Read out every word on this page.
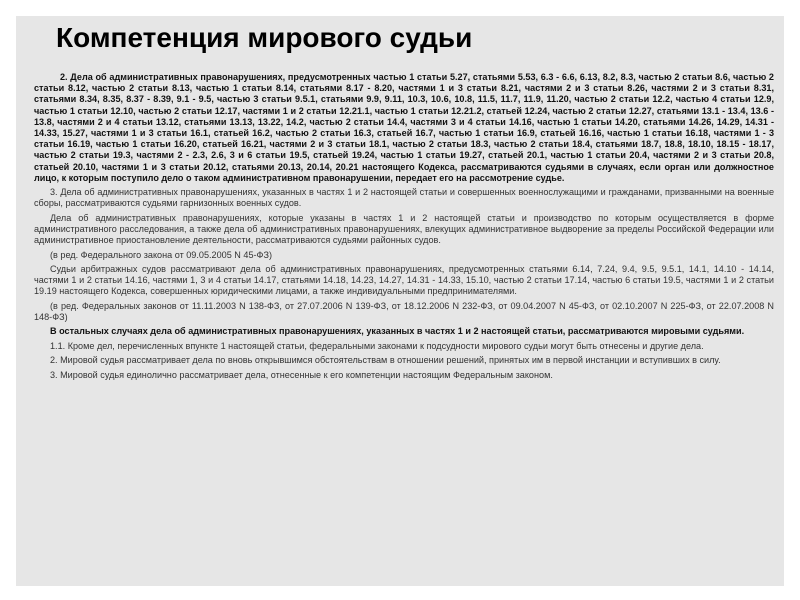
Компетенция мирового судьи

2. Дела об административных правонарушениях, предусмотренных частью 1 статьи 5.27, статьями 5.53, 6.3 - 6.6, 6.13, 8.2, 8.3, частью 2 статьи 8.6, частью 2 статьи 8.12, частью 2 статьи 8.13, частью 1 статьи 8.14, статьями 8.17 - 8.20, частями 1 и 3 статьи 8.21, частями 2 и 3 статьи 8.26, частями 2 и 3 статьи 8.31, статьями 8.34, 8.35, 8.37 - 8.39, 9.1 - 9.5, частью 3 статьи 9.5.1, статьями 9.9, 9.11, 10.3, 10.6, 10.8, 11.5, 11.7, 11.9, 11.20, частью 2 статьи 12.2, частью 4 статьи 12.9, частью 1 статьи 12.10, частью 2 статьи 12.17, частями 1 и 2 статьи 12.21.1, частью 1 статьи 12.21.2, статьей 12.24, частью 2 статьи 12.27, статьями 13.1 - 13.4, 13.6 - 13.8, частями 2 и 4 статьи 13.12, статьями 13.13, 13.22, 14.2, частью 2 статьи 14.4, частями 3 и 4 статьи 14.16, частью 1 статьи 14.20, статьями 14.26, 14.29, 14.31 - 14.33, 15.27, частями 1 и 3 статьи 16.1, статьей 16.2, частью 2 статьи 16.3, статьей 16.7, частью 1 статьи 16.9, статьей 16.16, частью 1 статьи 16.18, частями 1 - 3 статьи 16.19, частью 1 статьи 16.20, статьей 16.21, частями 2 и 3 статьи 18.1, частью 2 статьи 18.3, частью 2 статьи 18.4, статьями 18.7, 18.8, 18.10, 18.15 - 18.17, частью 2 статьи 19.3, частями 2 - 2.3, 2.6, 3 и 6 статьи 19.5, статьей 19.24, частью 1 статьи 19.27, статьей 20.1, частью 1 статьи 20.4, частями 2 и 3 статьи 20.8, статьей 20.10, частями 1 и 3 статьи 20.12, статьями 20.13, 20.14, 20.21 настоящего Кодекса, рассматриваются судьями в случаях, если орган или должностное лицо, к которым поступило дело о таком административном правонарушении, передает его на рассмотрение судье.

3. Дела об административных правонарушениях, указанных в частях 1 и 2 настоящей статьи и совершенных военнослужащими и гражданами, призванными на военные сборы, рассматриваются судьями гарнизонных военных судов.

Дела об административных правонарушениях, которые указаны в частях 1 и 2 настоящей статьи и производство по которым осуществляется в форме административного расследования, а также дела об административных правонарушениях, влекущих административное выдворение за пределы Российской Федерации или административное приостановление деятельности, рассматриваются судьями районных судов.

(в ред. Федерального закона от 09.05.2005 N 45-ФЗ)

Судьи арбитражных судов рассматривают дела об административных правонарушениях, предусмотренных статьями 6.14, 7.24, 9.4, 9.5, 9.5.1, 14.1, 14.10 - 14.14, частями 1 и 2 статьи 14.16, частями 1, 3 и 4 статьи 14.17, статьями 14.18, 14.23, 14.27, 14.31 - 14.33, 15.10, частью 2 статьи 17.14, частью 6 статьи 19.5, частями 1 и 2 статьи 19.19 настоящего Кодекса, совершенных юридическими лицами, а также индивидуальными предпринимателями.

(в ред. Федеральных законов от 11.11.2003 N 138-ФЗ, от 27.07.2006 N 139-ФЗ, от 18.12.2006 N 232-ФЗ, от 09.04.2007 N 45-ФЗ, от 02.10.2007 N 225-ФЗ, от 22.07.2008 N 148-ФЗ)

В остальных случаях дела об административных правонарушениях, указанных в частях 1 и 2 настоящей статьи, рассматриваются мировыми судьями.

1.1. Кроме дел, перечисленных впункте 1 настоящей статьи, федеральными законами к подсудности мирового судьи могут быть отнесены и другие дела.

2. Мировой судья рассматривает дела по вновь открывшимся обстоятельствам в отношении решений, принятых им в первой инстанции и вступивших в силу.

3. Мировой судья единолично рассматривает дела, отнесенные к его компетенции настоящим Федеральным законом.
